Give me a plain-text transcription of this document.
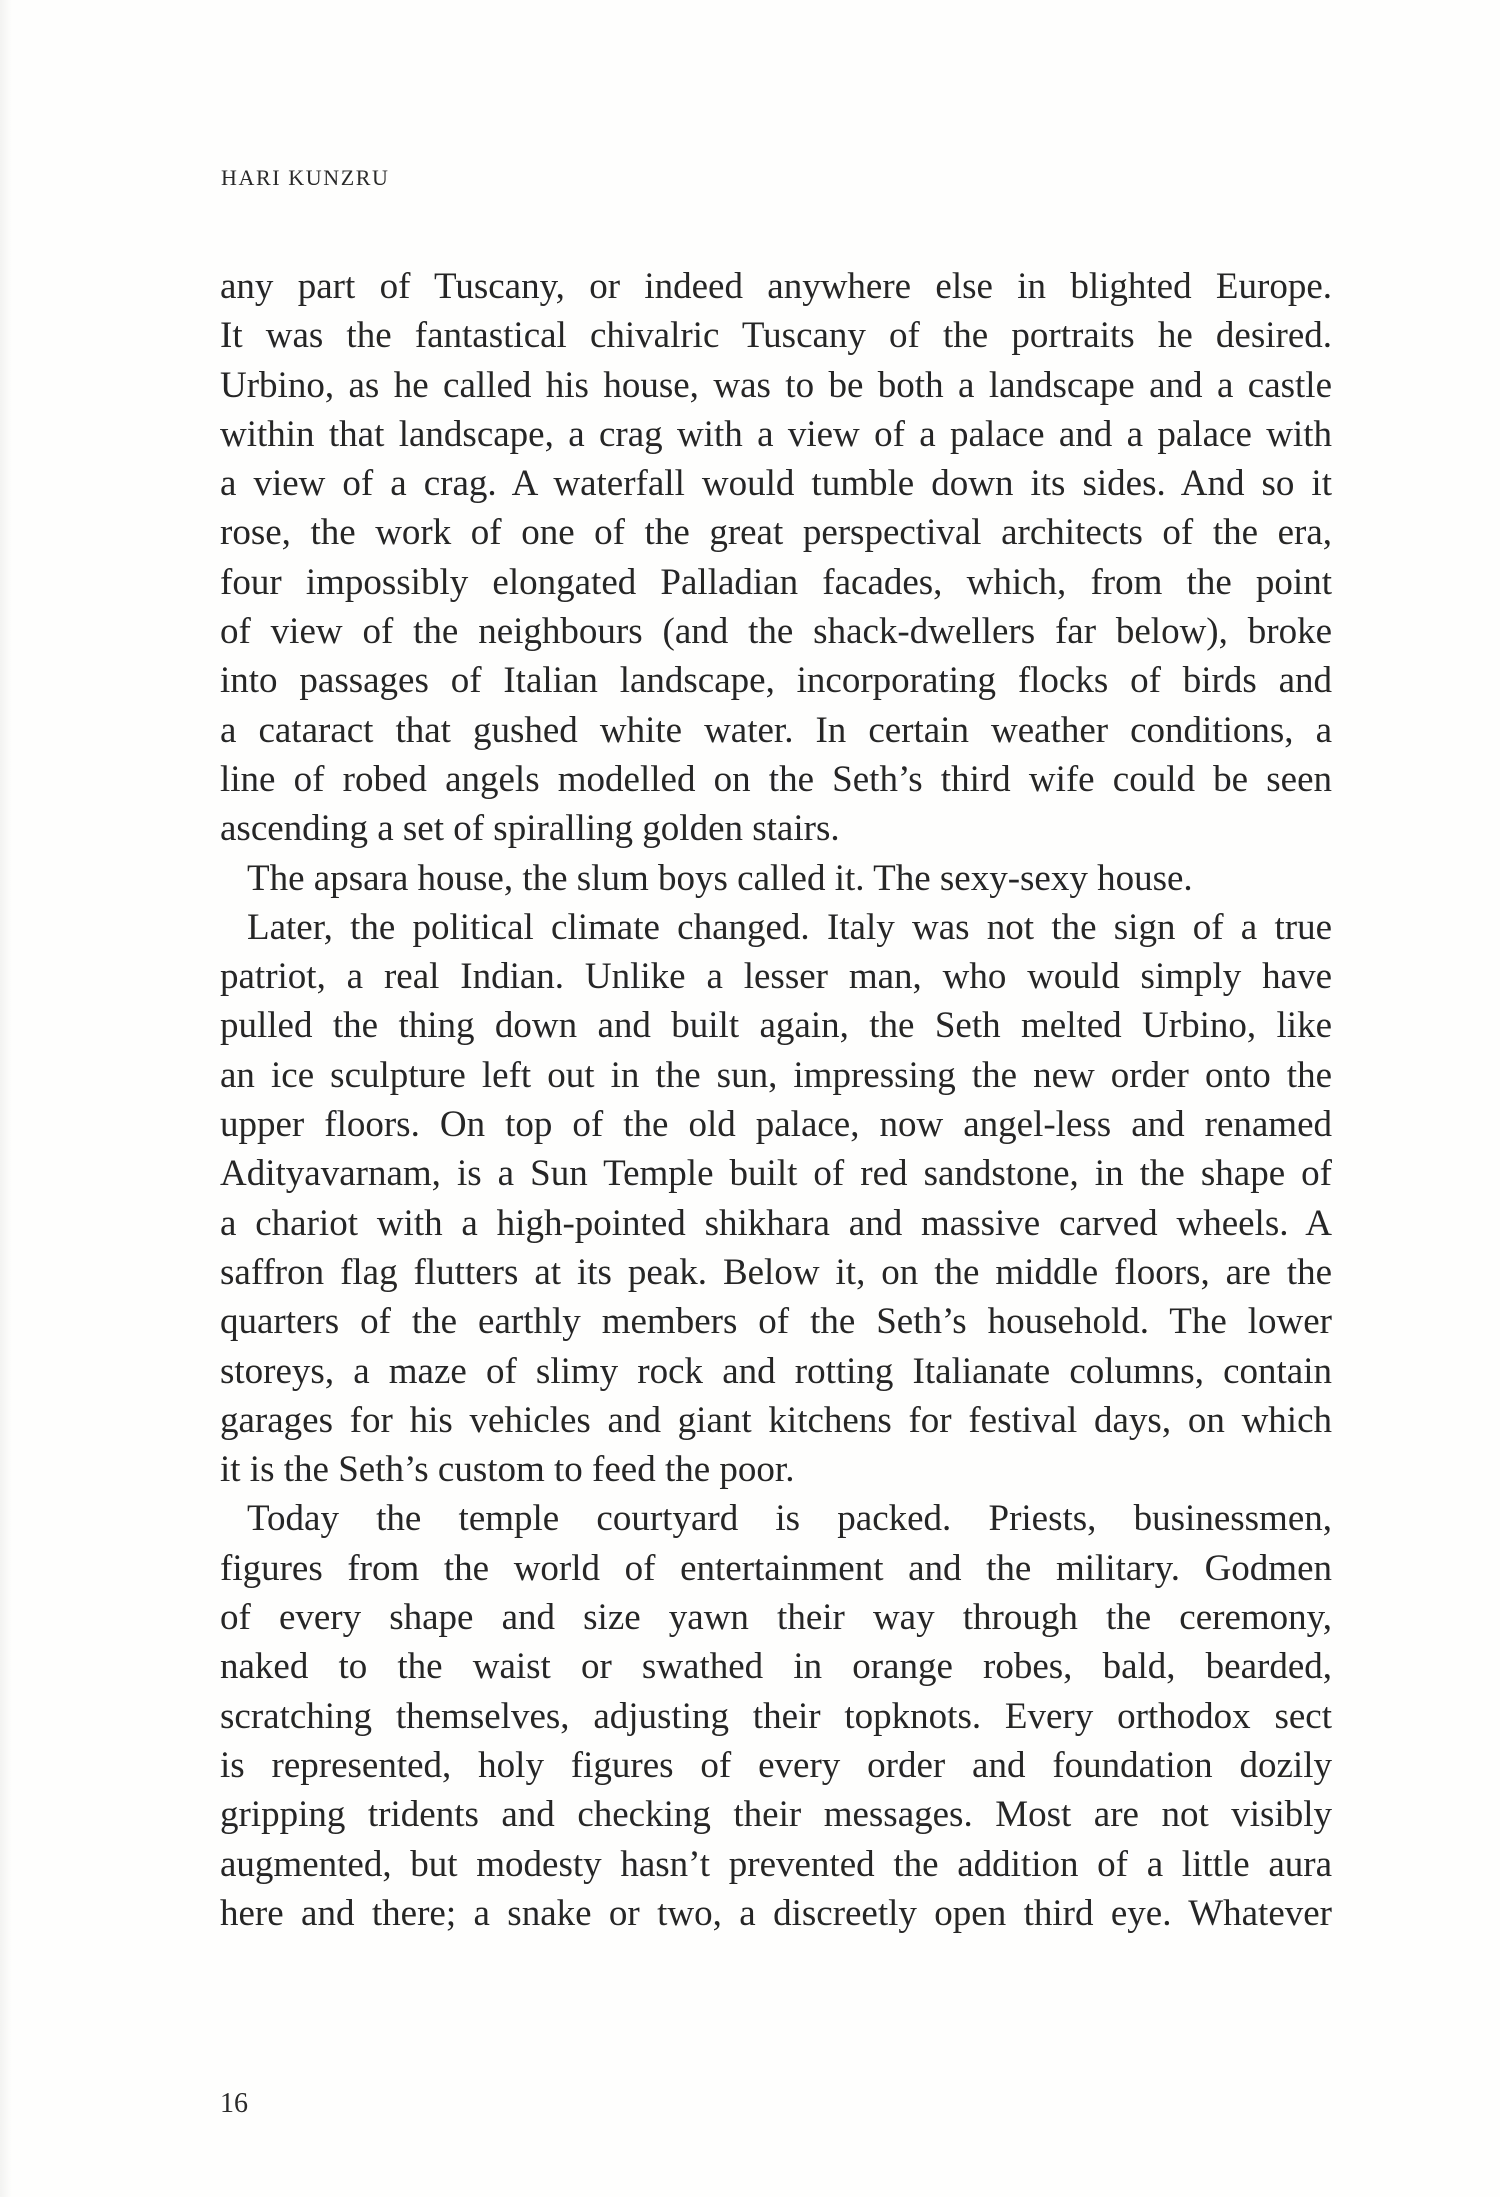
HARI KUNZRU
any part of Tuscany, or indeed anywhere else in blighted Europe.
It was the fantastical chivalric Tuscany of the portraits he desired.
Urbino, as he called his house, was to be both a landscape and a castle
within that landscape, a crag with a view of a palace and a palace with
a view of a crag. A waterfall would tumble down its sides. And so it
rose, the work of one of the great perspectival architects of the era,
four impossibly elongated Palladian facades, which, from the point
of view of the neighbours (and the shack-dwellers far below), broke
into passages of Italian landscape, incorporating flocks of birds and
a cataract that gushed white water. In certain weather conditions, a
line of robed angels modelled on the Seth’s third wife could be seen
ascending a set of spiralling golden stairs.
The apsara house, the slum boys called it. The sexy-sexy house.
Later, the political climate changed. Italy was not the sign of a true
patriot, a real Indian. Unlike a lesser man, who would simply have
pulled the thing down and built again, the Seth melted Urbino, like
an ice sculpture left out in the sun, impressing the new order onto the
upper floors. On top of the old palace, now angel-less and renamed
Adityavarnam, is a Sun Temple built of red sandstone, in the shape of
a chariot with a high-pointed shikhara and massive carved wheels. A
saffron flag flutters at its peak. Below it, on the middle floors, are the
quarters of the earthly members of the Seth’s household. The lower
storeys, a maze of slimy rock and rotting Italianate columns, contain
garages for his vehicles and giant kitchens for festival days, on which
it is the Seth’s custom to feed the poor.
Today the temple courtyard is packed. Priests, businessmen,
figures from the world of entertainment and the military. Godmen
of every shape and size yawn their way through the ceremony,
naked to the waist or swathed in orange robes, bald, bearded,
scratching themselves, adjusting their topknots. Every orthodox sect
is represented, holy figures of every order and foundation dozily
gripping tridents and checking their messages. Most are not visibly
augmented, but modesty hasn’t prevented the addition of a little aura
here and there; a snake or two, a discreetly open third eye. Whatever
16
